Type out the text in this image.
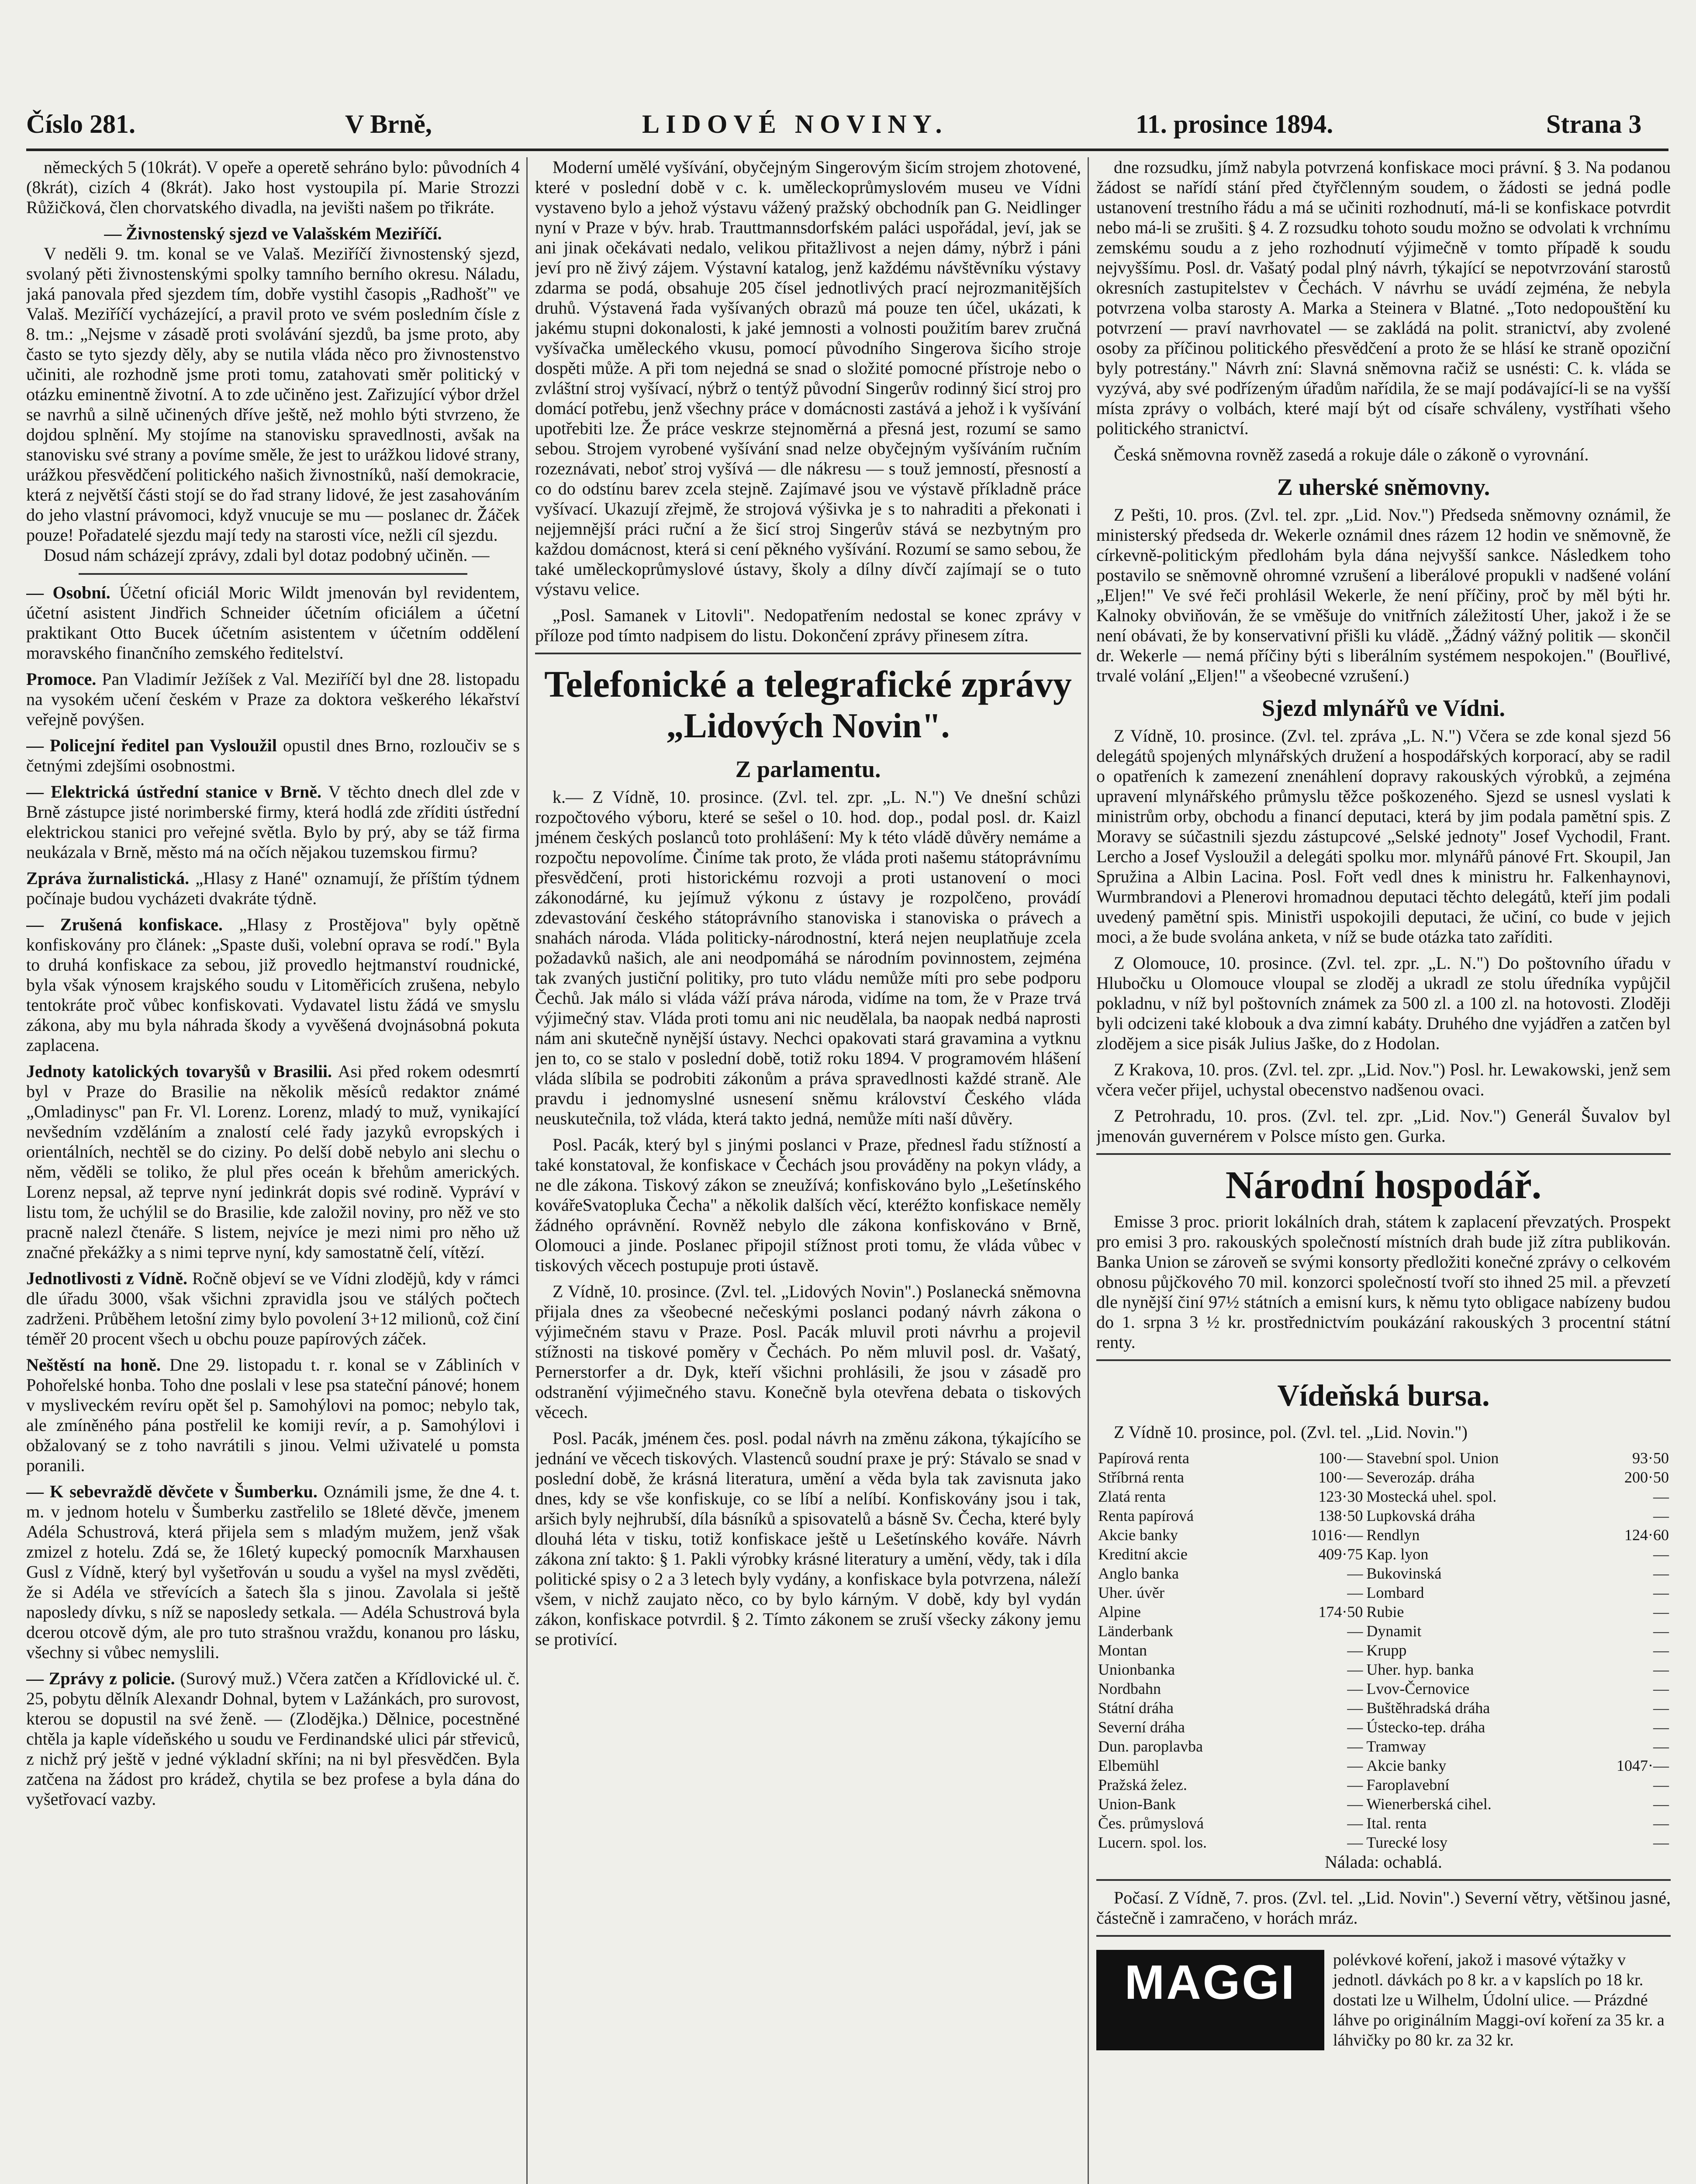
Číslo 281.	V Brně,	LIDOVÉ NOVINY.	11. prosince 1894.	Strana 3

německých 5 (10krát). V opeře a operetě sehráno bylo: původních 4 (8krát), cizích 4 (8krát). Jako host vystoupila pí. Marie Strozzi Růžičková, člen chorvatského divadla, na jevišti našem po třikráte.

— Živnostenský sjezd ve Valašském Meziříčí.

V neděli 9. tm. konal se ve Valaš. Meziříčí živnostenský sjezd, svolaný pěti živnostenskými spolky tamního berního okresu. Náladu, jaká panovala před sjezdem tím, dobře vystihl časopis „Radhošť" ve Valaš. Meziříčí vycházející, a pravil proto ve svém posledním čísle z 8. tm.: „Nejsme v zásadě proti svolávání sjezdů, ba jsme proto, aby často se tyto sjezdy děly, aby se nutila vláda něco pro živnostenstvo učiniti, ale rozhodně jsme proti tomu, zatahovati směr politický v otázku eminentně životní. A to zde učiněno jest. Zařizující výbor držel se navrhů a silně učinených dříve ještě, než mohlo býti stvrzeno, že dojdou splnění. My stojíme na stanovisku spravedlnosti, avšak na stanovisku své strany a povíme směle, že jest to urážkou lidové strany, urážkou přesvědčení politického našich živnostníků, naší demokracie, která z největší části stojí se do řad strany lidové, že jest zasahováním do jeho vlastní právomoci, když vnucuje se mu — poslanec dr. Žáček pouze! Pořadatelé sjezdu mají tedy na starosti více, nežli cíl sjezdu.

Dosud nám scházejí zprávy, zdali byl dotaz podobný učiněn. —

— Osobní. Účetní oficiál Moric Wildt jmenován byl revidentem, účetní asistent Jindřich Schneider účetním oficiálem a účetní praktikant Otto Bucek účetním asistentem v účetním oddělení moravského finančního zemského ředitelství.
Promoce. Pan Vladimír Ježíšek z Val. Meziříčí byl dne 28. listopadu na vysokém učení českém v Praze za doktora veškerého lékařství veřejně povýšen.
— Policejní ředitel pan Vysloužil opustil dnes Brno, rozloučiv se s četnými zdejšími osobnostmi.
— Elektrická ústřední stanice v Brně. V těchto dnech dlel zde v Brně zástupce jisté norimberské firmy, která hodlá zde zříditi ústřední elektrickou stanici pro veřejné světla. Bylo by prý, aby se táž firma neukázala v Brně, město má na očích nějakou tuzemskou firmu?
Zpráva žurnalistická. „Hlasy z Hané" oznamují, že příštím týdnem počínaje budou vycházeti dvakráte týdně.
— Zrušená konfiskace. „Hlasy z Prostějova" byly opětně konfiskovány pro článek: „Spaste duši, volební oprava se rodí." Byla to druhá konfiskace za sebou, již provedlo hejtmanství roudnické, byla však výnosem krajského soudu v Litoměřicích zrušena, nebylo tentokráte proč vůbec konfiskovati. Vydavatel listu žádá ve smyslu zákona, aby mu byla náhrada škody a vyvěšená dvojnásobná pokuta zaplacena.
Jednoty katolických tovaryšů v Brasilii. Asi před rokem odesmrtí byl v Praze do Brasilie na několik měsíců redaktor známé „Omladinysc" pan Fr. Vl. Lorenz. Lorenz, mladý to muž, vynikající nevšedním vzděláním a znalostí celé řady jazyků evropských i orientálních, nechtěl se do ciziny. Po delší době nebylo ani slechu o něm, věděli se toliko, že plul přes oceán k břehům amerických. Lorenz nepsal, až teprve nyní jedinkrát dopis své rodině. Vypráví v listu tom, že uchýlil se do Brasilie, kde založil noviny, pro něž ve sto pracně nalezl čtenáře. S listem, nejvíce je mezi nimi pro něho už značné překážky a s nimi teprve nyní, kdy samostatně čelí, vítězí.
Jednotlivosti z Vídně. Ročně objeví se ve Vídni zlodějů, kdy v rámci dle úřadu 3000, však všichni zpravidla jsou ve stálých počtech zadrženi. Průběhem letošní zimy bylo povolení 3+12 milionů, což činí téměř 20 procent všech u obchu pouze papírových záček.
Neštěstí na honě. Dne 29. listopadu t. r. konal se v Zábliních v Pohořelské honba. Toho dne poslali v lese psa stateční pánové; honem v mysliveckém revíru opět šel p. Samohýlovi na pomoc; nebylo tak, ale zmíněného pána postřelil ke komiji revír, a p. Samohýlovi i obžalovaný se z toho navrátili s jinou. Velmi uživatelé u pomsta poranili.
— K sebevraždě děvčete v Šumberku. Oznámili jsme, že dne 4. t. m. v jednom hotelu v Šumberku zastřelilo se 18leté děvče, jmenem Adéla Schustrová, která přijela sem s mladým mužem, jenž však zmizel z hotelu. Zdá se, že 16letý kupecký pomocník Marxhausen Gusl z Vídně, který byl vyšetřován u soudu a vyšel na mysl zvěděti, že si Adéla ve střevících a šatech šla s jinou. Zavolala si ještě naposledy dívku, s níž se naposledy setkala. — Adéla Schustrová byla dcerou otcově dým, ale pro tuto strašnou vraždu, konanou pro lásku, všechny si vůbec nemyslili.
— Zprávy z policie. (Surový muž.) Včera zatčen a Křídlovické ul. č. 25, pobytu dělník Alexandr Dohnal, bytem v Lažánkách, pro surovost, kterou se dopustil na své ženě. — (Zlodějka.) Dělnice, pocestněné chtěla ja kaple vídeňského u soudu ve Ferdinandské ulici pár střeviců, z nichž prý ještě v jedné výkladní skříni; na ni byl přesvědčen. Byla zatčena na žádost pro krádež, chytila se bez profese a byla dána do vyšetřovací vazby.

Moderní umělé vyšívání, obyčejným Singerovým šicím strojem zhotovené, které v poslední době v c. k. uměleckoprůmyslovém museu ve Vídni vystaveno bylo a jehož výstavu vážený pražský obchodník pan G. Neidlinger nyní v Praze v býv. hrab. Trauttmannsdorfském paláci uspořádal, jeví, jak se ani jinak očekávati nedalo, velikou přitažlivost a nejen dámy, nýbrž i páni jeví pro ně živý zájem. Výstavní katalog, jenž každému návštěvníku výstavy zdarma se podá, obsahuje 205 čísel jednotlivých prací nejrozmanitějších druhů. Výstavená řada vyšívaných obrazů má pouze ten účel, ukázati, k jakému stupni dokonalosti, k jaké jemnosti a volnosti použitím barev zručná vyšívačka uměleckého vkusu, pomocí původního Singerova šicího stroje dospěti může. A při tom nejedná se snad o složité pomocné přístroje nebo o zvláštní stroj vyšívací, nýbrž o tentýž původní Singerův rodinný šicí stroj pro domácí potřebu, jenž všechny práce v domácnosti zastává a jehož i k vyšívání upotřebiti lze. Že práce veskrze stejnoměrná a přesná jest, rozumí se samo sebou. Strojem vyrobené vyšívání snad nelze obyčejným vyšíváním ručním rozeznávati, neboť stroj vyšívá — dle nákresu — s touž jemností, přesností a co do odstínu barev zcela stejně. Zajímavé jsou ve výstavě příkladně práce vyšívací. Ukazují zřejmě, že strojová výšivka je s to nahraditi a překonati i nejjemnější práci ruční a že šicí stroj Singerův stává se nezbytným pro každou domácnost, která si cení pěkného vyšívání. Rozumí se samo sebou, že také uměleckoprůmyslové ústavy, školy a dílny dívčí zajímají se o tuto výstavu velice.

„Posl. Samanek v Litovli". Nedopatřením nedostal se konec zprávy v příloze pod tímto nadpisem do listu. Dokončení zprávy přinesem zítra.

Telefonické a telegrafické zprávy
„Lidových Novin".
Z parlamentu.

k.— Z Vídně, 10. prosince. (Zvl. tel. zpr. „L. N.") Ve dnešní schůzi rozpočtového výboru, které se sešel o 10. hod. dop., podal posl. dr. Kaizl jménem českých poslanců toto prohlášení: My k této vládě důvěry nemáme a rozpočtu nepovolíme. Činíme tak proto, že vláda proti našemu státoprávnímu přesvědčení, proti historickému rozvoji a proti ustanovení o moci zákonodárné, ku jejímuž výkonu z ústavy je rozpolčeno, provádí zdevastování českého státoprávního stanoviska i stanoviska o právech a snahách národa. Vláda politicky-národnostní, která nejen neuplatňuje zcela požadavků našich, ale ani neodpomáhá se národním povinnostem, zejména tak zvaných justiční politiky, pro tuto vládu nemůže míti pro sebe podporu Čechů. Jak málo si vláda váží práva národa, vidíme na tom, že v Praze trvá výjimečný stav. Vláda proti tomu ani nic neudělala, ba naopak nedbá naprosti nám ani skutečně nynější ústavy. Nechci opakovati stará gravamina a vytknu jen to, co se stalo v poslední době, totiž roku 1894. V programovém hlášení vláda slíbila se podrobiti zákonům a práva spravedlnosti každé straně. Ale pravdu i jednomyslné usnesení sněmu království Českého vláda neuskutečnila, tož vláda, která takto jedná, nemůže míti naší důvěry.

Posl. Pacák, který byl s jinými poslanci v Praze, přednesl řadu stížností a také konstatoval, že konfiskace v Čechách jsou prováděny na pokyn vlády, a ne dle zákona. Tiskový zákon se zneužívá; konfiskováno bylo „Lešetínského kovářeSvatopluka Čecha" a několik dalších věcí, kteréžto konfiskace neměly žádného oprávnění. Rovněž nebylo dle zákona konfiskováno v Brně, Olomouci a jinde. Poslanec připojil stížnost proti tomu, že vláda vůbec v tiskových věcech postupuje proti ústavě.

Z Vídně, 10. prosince. (Zvl. tel. „Lidových Novin".) Poslanecká sněmovna přijala dnes za všeobecné nečeskými poslanci podaný návrh zákona o výjimečném stavu v Praze. Posl. Pacák mluvil proti návrhu a projevil stížnosti na tiskové poměry v Čechách. Po něm mluvil posl. dr. Vašatý, Pernerstorfer a dr. Dyk, kteří všichni prohlásili, že jsou v zásadě pro odstranění výjimečného stavu. Konečně byla otevřena debata o tiskových věcech.

Posl. Pacák, jménem čes. posl. podal návrh na změnu zákona, týkajícího se jednání ve věcech tiskových. Vlastenců soudní praxe je prý: Stávalo se snad v poslední době, že krásná literatura, umění a věda byla tak zavisnuta jako dnes, kdy se vše konfiskuje, co se líbí a nelíbí. Konfiskovány jsou i tak, aršich byly nejhrubší, díla básníků a spisovatelů a básně Sv. Čecha, které byly dlouhá léta v tisku, totiž konfiskace ještě u Lešetínského kováře. Návrh zákona zní takto: § 1. Pakli výrobky krásné literatury a umění, vědy, tak i díla politické spisy o 2 a 3 letech byly vydány, a konfiskace byla potvrzena, náleží všem, v nichž zaujato něco, co by bylo kárným. V době, kdy byl vydán zákon, konfiskace potvrdil. § 2. Tímto zákonem se zruší všecky zákony jemu se protivící.

dne rozsudku, jímž nabyla potvrzená konfiskace moci právní. § 3. Na podanou žádost se nařídí stání před čtyřčlenným soudem, o žádosti se jedná podle ustanovení trestního řádu a má se učiniti rozhodnutí, má-li se konfiskace potvrdit nebo má-li se zrušiti. § 4. Z rozsudku tohoto soudu možno se odvolati k vrchnímu zemskému soudu a z jeho rozhodnutí výjimečně v tomto případě k soudu nejvyššímu. Posl. dr. Vašatý podal plný návrh, týkající se nepotvrzování starostů okresních zastupitelstev v Čechách. V návrhu se uvádí zejména, že nebyla potvrzena volba starosty A. Marka a Steinera v Blatné. „Toto nedopouštění ku potvrzení — praví navrhovatel — se zakládá na polit. stranictví, aby zvolené osoby za příčinou politického přesvědčení a proto že se hlásí ke straně opoziční byly potrestány." Návrh zní: Slavná sněmovna račiž se usnésti: C. k. vláda se vyzývá, aby své podřízeným úřadům nařídila, že se mají podávající-li se na vyšší místa zprávy o volbách, které mají být od císaře schváleny, vystříhati všeho politického stranictví.

Česká sněmovna rovněž zasedá a rokuje dále o zákoně o vyrovnání.

Z uherské sněmovny.

Z Pešti, 10. pros. (Zvl. tel. zpr. „Lid. Nov.") Předseda sněmovny oznámil, že ministerský předseda dr. Wekerle oznámil dnes rázem 12 hodin ve sněmovně, že církevně-politickým předlohám byla dána nejvyšší sankce. Následkem toho postavilo se sněmovně ohromné vzrušení a liberálové propukli v nadšené volání „Eljen!" Ve své řeči prohlásil Wekerle, že není příčiny, proč by měl býti hr. Kalnoky obviňován, že se vměšuje do vnitřních záležitostí Uher, jakož i že se není obávati, že by konservativní přišli ku vládě. „Žádný vážný politik — skončil dr. Wekerle — nemá příčiny býti s liberálním systémem nespokojen." (Bouřlivé, trvalé volání „Eljen!" a všeobecné vzrušení.)

Sjezd mlynářů ve Vídni.

Z Vídně, 10. prosince. (Zvl. tel. zpráva „L. N.") Včera se zde konal sjezd 56 delegátů spojených mlynářských družení a hospodářských korporací, aby se radil o opatřeních k zamezení znenáhlení dopravy rakouských výrobků, a zejména upravení mlynářského průmyslu těžce poškozeného. Sjezd se usnesl vyslati k ministrům orby, obchodu a financí deputaci, která by jim podala pamětní spis. Z Moravy se súčastnili sjezdu zástupcové „Selské jednoty" Josef Vychodil, Frant. Lercho a Josef Vysloužil a delegáti spolku mor. mlynářů pánové Frt. Skoupil, Jan Spružina a Albin Lacina. Posl. Fořt vedl dnes k ministru hr. Falkenhaynovi, Wurmbrandovi a Plenerovi hromadnou deputaci těchto delegátů, kteří jim podali uvedený pamětní spis. Ministři uspokojili deputaci, že učiní, co bude v jejich moci, a že bude svolána anketa, v níž se bude otázka tato zaříditi.

Z Olomouce, 10. prosince. (Zvl. tel. zpr. „L. N.") Do poštovního úřadu v Hlubočku u Olomouce vloupal se zloděj a ukradl ze stolu úředníka vypůjčil pokladnu, v níž byl poštovních známek za 500 zl. a 100 zl. na hotovosti. Zloději byli odcizeni také klobouk a dva zimní kabáty. Druhého dne vyjádřen a zatčen byl zlodějem a sice pisák Julius Jaške, do z Hodolan.

Z Krakova, 10. pros. (Zvl. tel. zpr. „Lid. Nov.") Posl. hr. Lewakowski, jenž sem včera večer přijel, uchystal obecenstvo nadšenou ovaci.

Z Petrohradu, 10. pros. (Zvl. tel. zpr. „Lid. Nov.") Generál Šuvalov byl jmenován guvernérem v Polsce místo gen. Gurka.

Národní hospodář.

Emisse 3 proc. priorit lokálních drah, státem k zaplacení převzatých. Prospekt pro emisi 3 pro. rakouských společností místních drah bude již zítra publikován. Banka Union se zároveň se svými konsorty předložiti konečné zprávy o celkovém obnosu půjčkového 70 mil. konzorci společností tvoří sto ihned 25 mil. a převzetí dle nynější činí 97½ státních a emisní kurs, k němu tyto obligace nabízeny budou do 1. srpna 3 ½ kr. prostřednictvím poukázání rakouských 3 procentní státní renty.

Vídeňská bursa.

Z Vídně 10. prosince, pol. (Zvl. tel. „Lid. Novin.")

Papírová renta	100·—	Stavební spol. Union	93·50
Stříbrná renta	100·—	Severozáp. dráha	200·50
Zlatá renta	123·30	Mostecká uhel. spol.	—
Renta papírová	138·50	Lupkovská dráha	—
Akcie banky	1016·—	Rendlyn	124·60
Kreditní akcie	409·75	Kap. lyon	—
Anglo banka	—	Bukovinská	—
Uher. úvěr	—	Lombard	—
Alpine	174·50	Rubie	—
Länderbank	—	Dynamit	—
Montan	—	Krupp	—
Unionbanka	—	Uher. hyp. banka	—
Nordbahn	—	Lvov-Černovice	—
Státní dráha	—	Buštěhradská dráha	—
Severní dráha	—	Ústecko-tep. dráha	—
Dun. paroplavba	—	Tramway	—
Elbemühl	—	Akcie banky	1047·—
Pražská želez.	—	Faroplavební	—
Union-Bank	—	Wienerberská cihel.	—
Čes. průmyslová	—	Ital. renta	—
Lucern. spol. los.	—	Turecké losy	—
Nálada: ochablá.

Počasí. Z Vídně, 7. pros. (Zvl. tel. „Lid. Novin".) Severní větry, většinou jasné, částečně i zamračeno, v horách mráz.

MAGGI	polévkové koření, jakož i masové výtažky v jednotl. dávkách po 8 kr. a v kapslích po 18 kr. dostati lze u Wilhelm, Údolní ulice. — Prázdné láhve po originálním Maggi-oví koření za 35 kr. a láhvičky po 80 kr. za 32 kr.
